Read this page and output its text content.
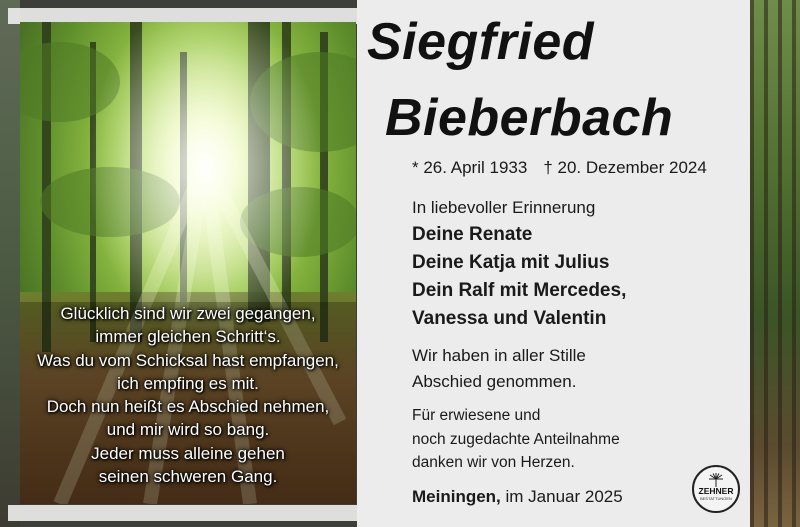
Glücklich sind wir zwei gegangen,
immer gleichen Schritt‘s.
Was du vom Schicksal hast empfangen,
ich empfing es mit.
Doch nun heißt es Abschied nehmen,
und mir wird so bang.
Jeder muss alleine gehen
seinen schweren Gang.
Siegfried
Bieberbach
* 26. April 1933 † 20. Dezember 2024
In liebevoller Erinnerung
Deine Renate
Deine Katja mit Julius
Dein Ralf mit Mercedes,
Vanessa und Valentin
Wir haben in aller Stille
Abschied genommen.
Für erwiesene und
noch zugedachte Anteilnahme
danken wir von Herzen.
Meiningen, im Januar 2025	ZEHNER
BESTATTUNGEN
